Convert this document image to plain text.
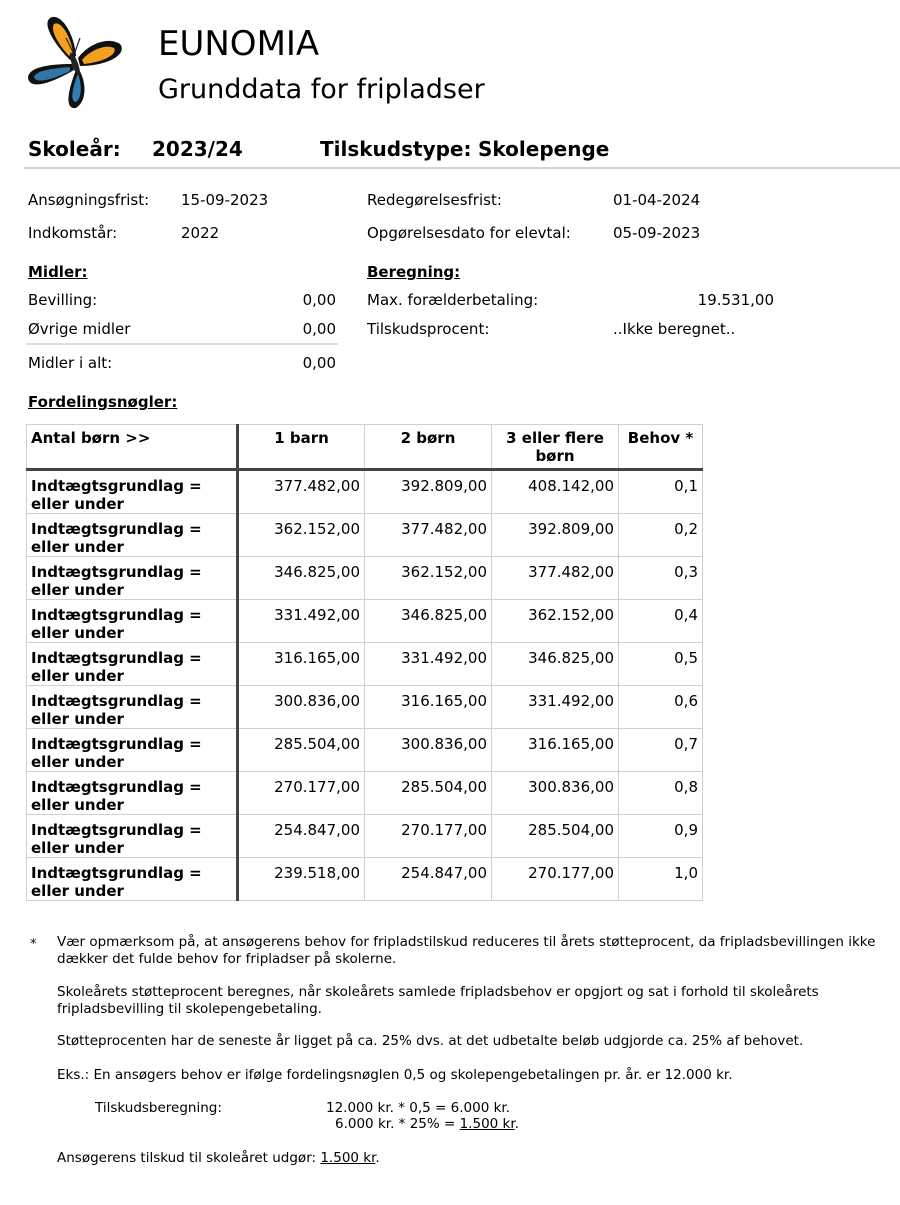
EUNOMIA
Grunddata for fripladser
Skoleår: 2023/24	Tilskudstype: Skolepenge
Ansøgningsfrist: 15-09-2023
Indkomstår:	2022
Redegørelsesfrist:	01-04-2024
Opgørelsesdato for elevtal:	05-09-2023
Midler:
Bevilling:	0,00
Øvrige midler	0,00
Midler i alt:	0,00
Beregning:
Max. forælderbetaling:	19.531,00
Tilskudsprocent:	..Ikke beregnet..
Fordelingsnøgler:
Antal børn >>	1 barn	2 børn	3 eller flere børn	Behov *
Indtægtsgrundlag = eller under	377.482,00	392.809,00	408.142,00	0,1
Indtægtsgrundlag = eller under	362.152,00	377.482,00	392.809,00	0,2
Indtægtsgrundlag = eller under	346.825,00	362.152,00	377.482,00	0,3
Indtægtsgrundlag = eller under	331.492,00	346.825,00	362.152,00	0,4
Indtægtsgrundlag = eller under	316.165,00	331.492,00	346.825,00	0,5
Indtægtsgrundlag = eller under	300.836,00	316.165,00	331.492,00	0,6
Indtægtsgrundlag = eller under	285.504,00	300.836,00	316.165,00	0,7
Indtægtsgrundlag = eller under	270.177,00	285.504,00	300.836,00	0,8
Indtægtsgrundlag = eller under	254.847,00	270.177,00	285.504,00	0,9
Indtægtsgrundlag = eller under	239.518,00	254.847,00	270.177,00	1,0
* Vær opmærksom på, at ansøgerens behov for fripladstilskud reduceres til årets støtteprocent, da fripladsbevillingen ikke dækker det fulde behov for fripladser på skolerne.
Skoleårets støtteprocent beregnes, når skoleårets samlede fripladsbehov er opgjort og sat i forhold til skoleårets fripladsbevilling til skolepengebetaling.
Støtteprocenten har de seneste år ligget på ca. 25% dvs. at det udbetalte beløb udgjorde ca. 25% af behovet.
Eks.: En ansøgers behov er ifølge fordelingsnøglen 0,5 og skolepengebetalingen pr. år. er 12.000 kr.
Tilskudsberegning:	12.000 kr. * 0,5 = 6.000 kr.
6.000 kr. * 25% = 1.500 kr.
Ansøgerens tilskud til skoleåret udgør: 1.500 kr.
